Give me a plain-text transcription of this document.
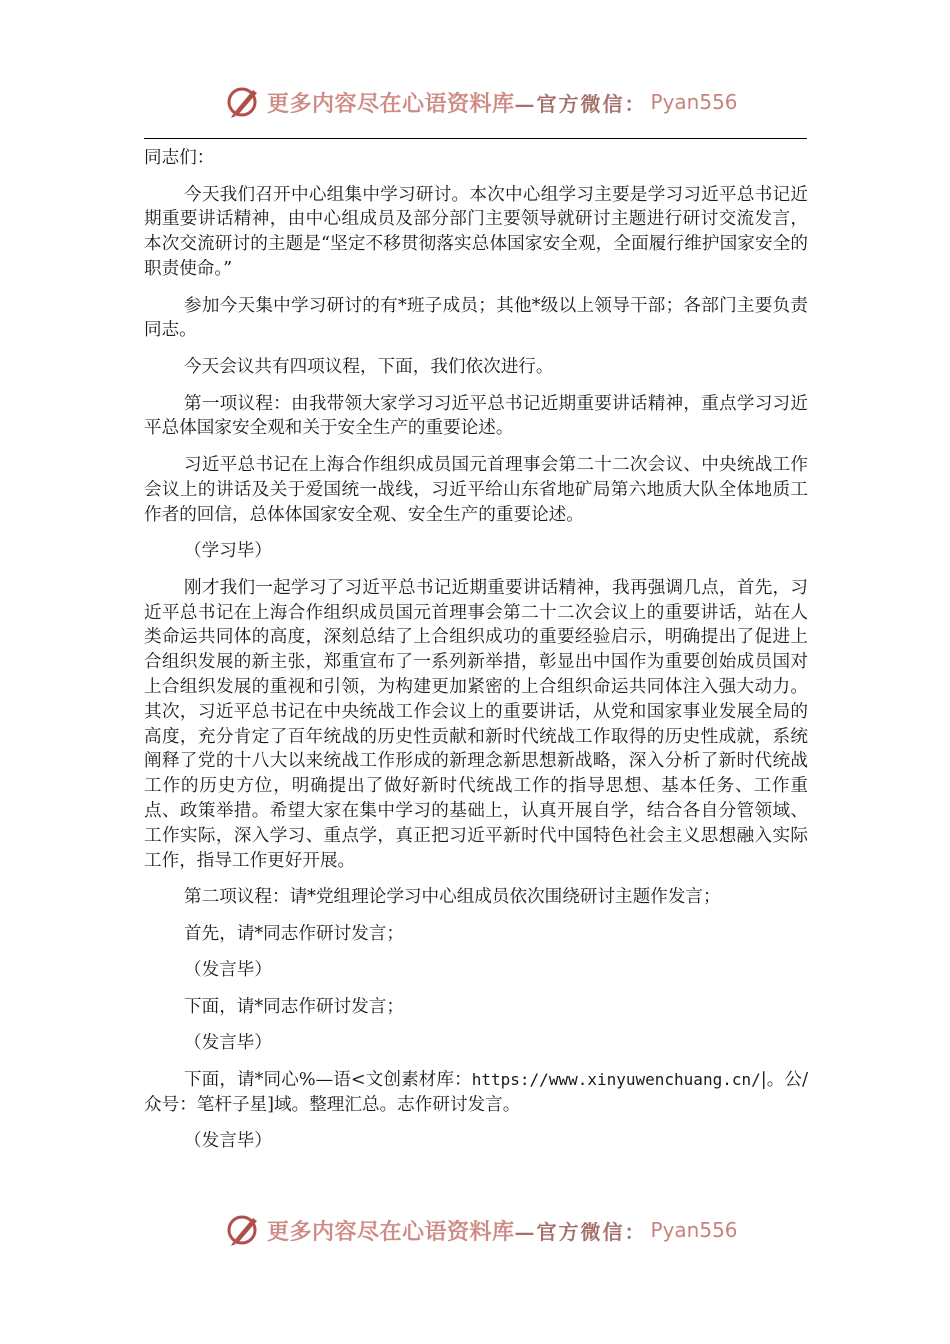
更多内容尽在心语资料库 —官方微信： Pyan556

同志们：

今天我们召开中心组集中学习研讨。本次中心组学习主要是学习习近平总书记近期重要讲话精神，由中心组成员及部分部门主要领导就研讨主题进行研讨交流发言，本次交流研讨的主题是“坚定不移贯彻落实总体国家安全观，全面履行维护国家安全的职责使命。”

参加今天集中学习研讨的有*班子成员；其他*级以上领导干部；各部门主要负责同志。

今天会议共有四项议程，下面，我们依次进行。

第一项议程：由我带领大家学习习近平总书记近期重要讲话精神，重点学习习近平总体国家安全观和关于安全生产的重要论述。

习近平总书记在上海合作组织成员国元首理事会第二十二次会议、中央统战工作会议上的讲话及关于爱国统一战线，习近平给山东省地矿局第六地质大队全体地质工作者的回信，总体体国家安全观、安全生产的重要论述。

（学习毕）

刚才我们一起学习了习近平总书记近期重要讲话精神，我再强调几点，首先，习近平总书记在上海合作组织成员国元首理事会第二十二次会议上的重要讲话，站在人类命运共同体的高度，深刻总结了上合组织成功的重要经验启示，明确提出了促进上合组织发展的新主张，郑重宣布了一系列新举措，彰显出中国作为重要创始成员国对上合组织发展的重视和引领，为构建更加紧密的上合组织命运共同体注入强大动力。其次，习近平总书记在中央统战工作会议上的重要讲话，从党和国家事业发展全局的高度，充分肯定了百年统战的历史性贡献和新时代统战工作取得的历史性成就，系统阐释了党的十八大以来统战工作形成的新理念新思想新战略，深入分析了新时代统战工作的历史方位，明确提出了做好新时代统战工作的指导思想、基本任务、工作重点、政策举措。希望大家在集中学习的基础上，认真开展自学，结合各自分管领域、工作实际，深入学习、重点学，真正把习近平新时代中国特色社会主义思想融入实际工作，指导工作更好开展。

第二项议程：请*党组理论学习中心组成员依次围绕研讨主题作发言；

首先，请*同志作研讨发言；

（发言毕）

下面，请*同志作研讨发言；

（发言毕）

下面，请*同心%—语<文创素材库：https://www.xinyuwenchuang.cn/|。公/众号：笔杆子星]域。整理汇总。志作研讨发言。

（发言毕）

更多内容尽在心语资料库 —官方微信： Pyan556
